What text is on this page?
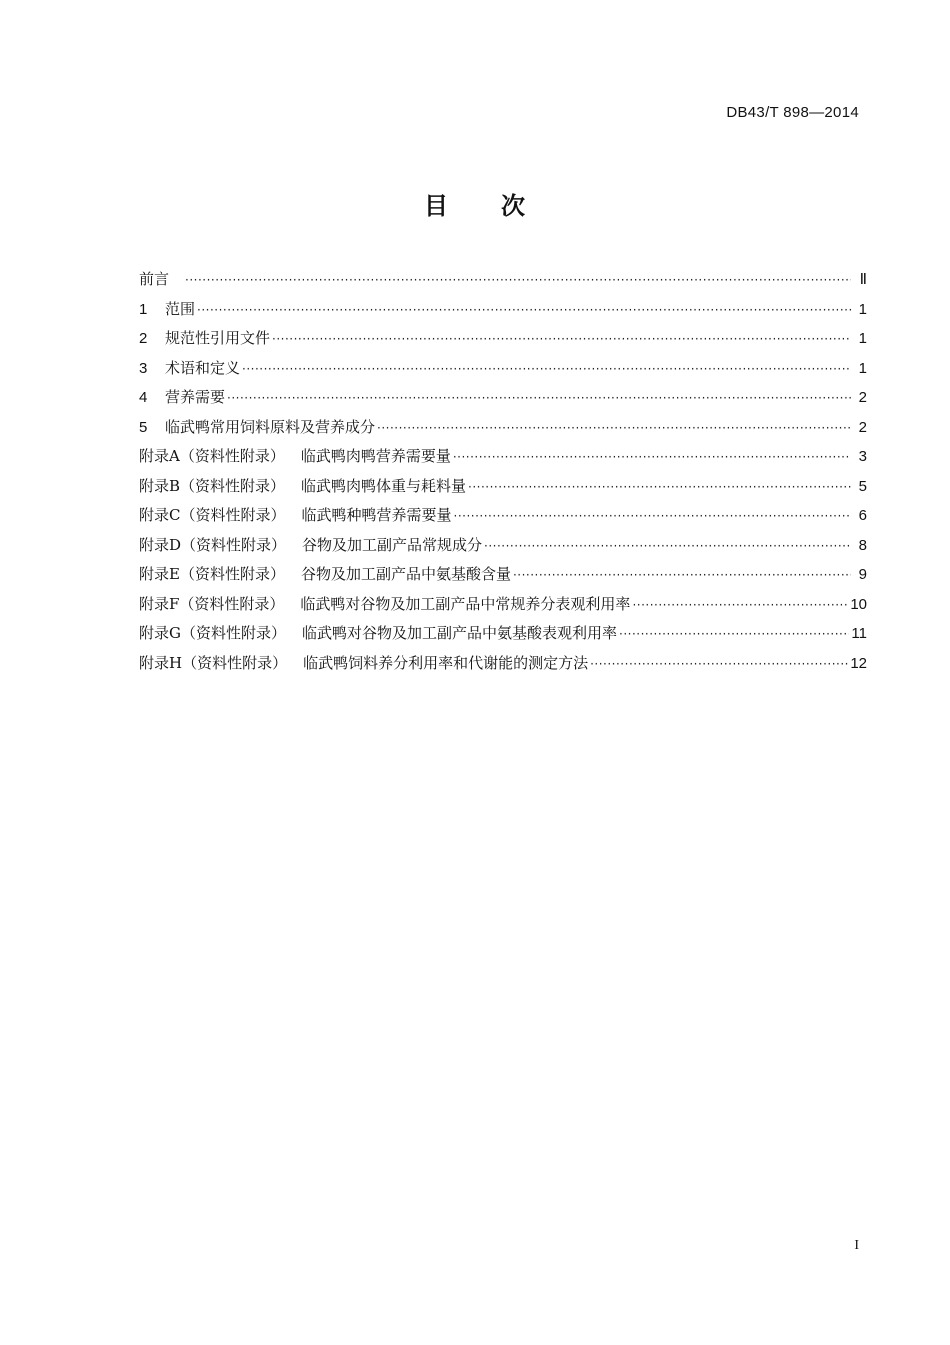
DB43/T 898—2014
目 次
前言 ·····	Ⅱ
1 范围 ·····	1
2 规范性引用文件 ·····	1
3 术语和定义 ·····	1
4 营养需要 ·····	2
5 临武鸭常用饲料原料及营养成分 ·····	2
附录A（资料性附录） 临武鸭肉鸭营养需要量 ·····	3
附录B（资料性附录） 临武鸭肉鸭体重与耗料量 ·····	5
附录C（资料性附录） 临武鸭种鸭营养需要量 ·····	6
附录D（资料性附录） 谷物及加工副产品常规成分 ·····	8
附录E（资料性附录） 谷物及加工副产品中氨基酸含量 ·····	9
附录F（资料性附录） 临武鸭对谷物及加工副产品中常规养分表观利用率 ·····	10
附录G（资料性附录） 临武鸭对谷物及加工副产品中氨基酸表观利用率 ·····	11
附录H（资料性附录） 临武鸭饲料养分利用率和代谢能的测定方法 ·····	12
I
